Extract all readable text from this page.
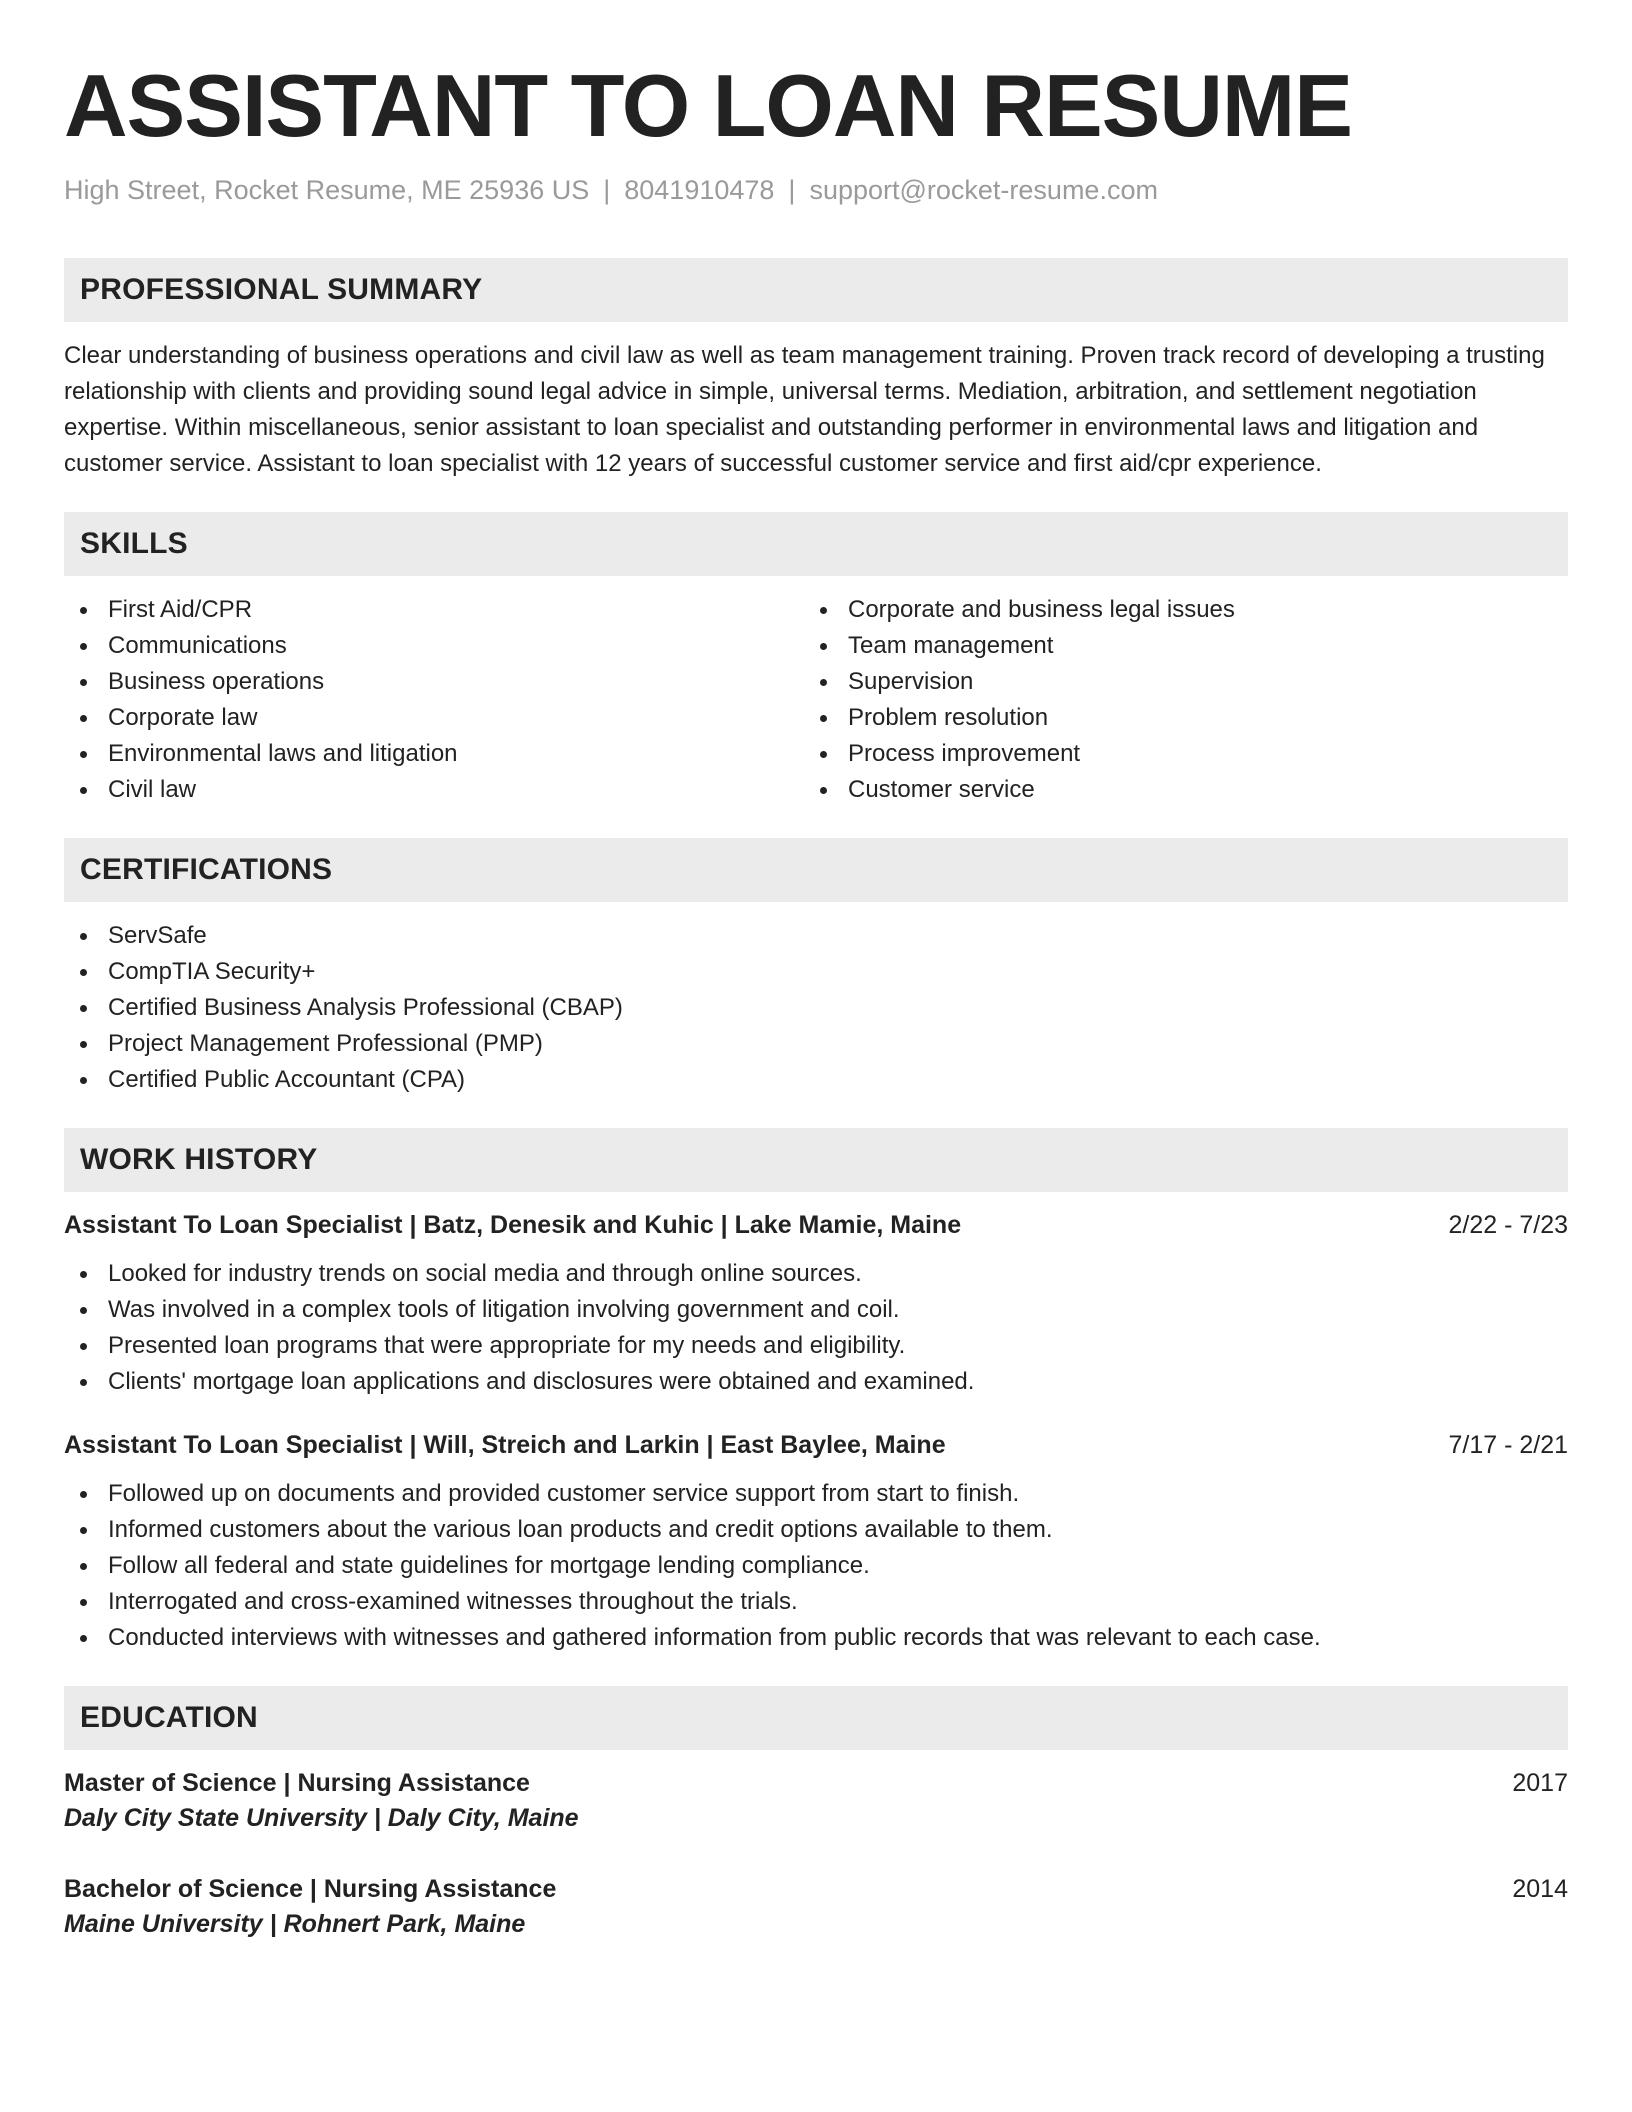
ASSISTANT TO LOAN RESUME
High Street, Rocket Resume, ME 25936 US | 8041910478 | support@rocket-resume.com
PROFESSIONAL SUMMARY

Clear understanding of business operations and civil law as well as team management training. Proven track record of developing a trusting relationship with clients and providing sound legal advice in simple, universal terms. Mediation, arbitration, and settlement negotiation expertise. Within miscellaneous, senior assistant to loan specialist and outstanding performer in environmental laws and litigation and customer service. Assistant to loan specialist with 12 years of successful customer service and first aid/cpr experience.

SKILLS
First Aid/CPR
Communications
Business operations
Corporate law
Environmental laws and litigation
Civil law
Corporate and business legal issues
Team management
Supervision
Problem resolution
Process improvement
Customer service
CERTIFICATIONS
ServSafe
CompTIA Security+
Certified Business Analysis Professional (CBAP)
Project Management Professional (PMP)
Certified Public Accountant (CPA)
WORK HISTORY
Assistant To Loan Specialist | Batz, Denesik and Kuhic | Lake Mamie, Maine	2/22 - 7/23
Looked for industry trends on social media and through online sources.
Was involved in a complex tools of litigation involving government and coil.
Presented loan programs that were appropriate for my needs and eligibility.
Clients' mortgage loan applications and disclosures were obtained and examined.
Assistant To Loan Specialist | Will, Streich and Larkin | East Baylee, Maine	7/17 - 2/21
Followed up on documents and provided customer service support from start to finish.
Informed customers about the various loan products and credit options available to them.
Follow all federal and state guidelines for mortgage lending compliance.
Interrogated and cross-examined witnesses throughout the trials.
Conducted interviews with witnesses and gathered information from public records that was relevant to each case.
EDUCATION
Master of Science | Nursing Assistance	2017
Daly City State University | Daly City, Maine
Bachelor of Science | Nursing Assistance	2014
Maine University | Rohnert Park, Maine
